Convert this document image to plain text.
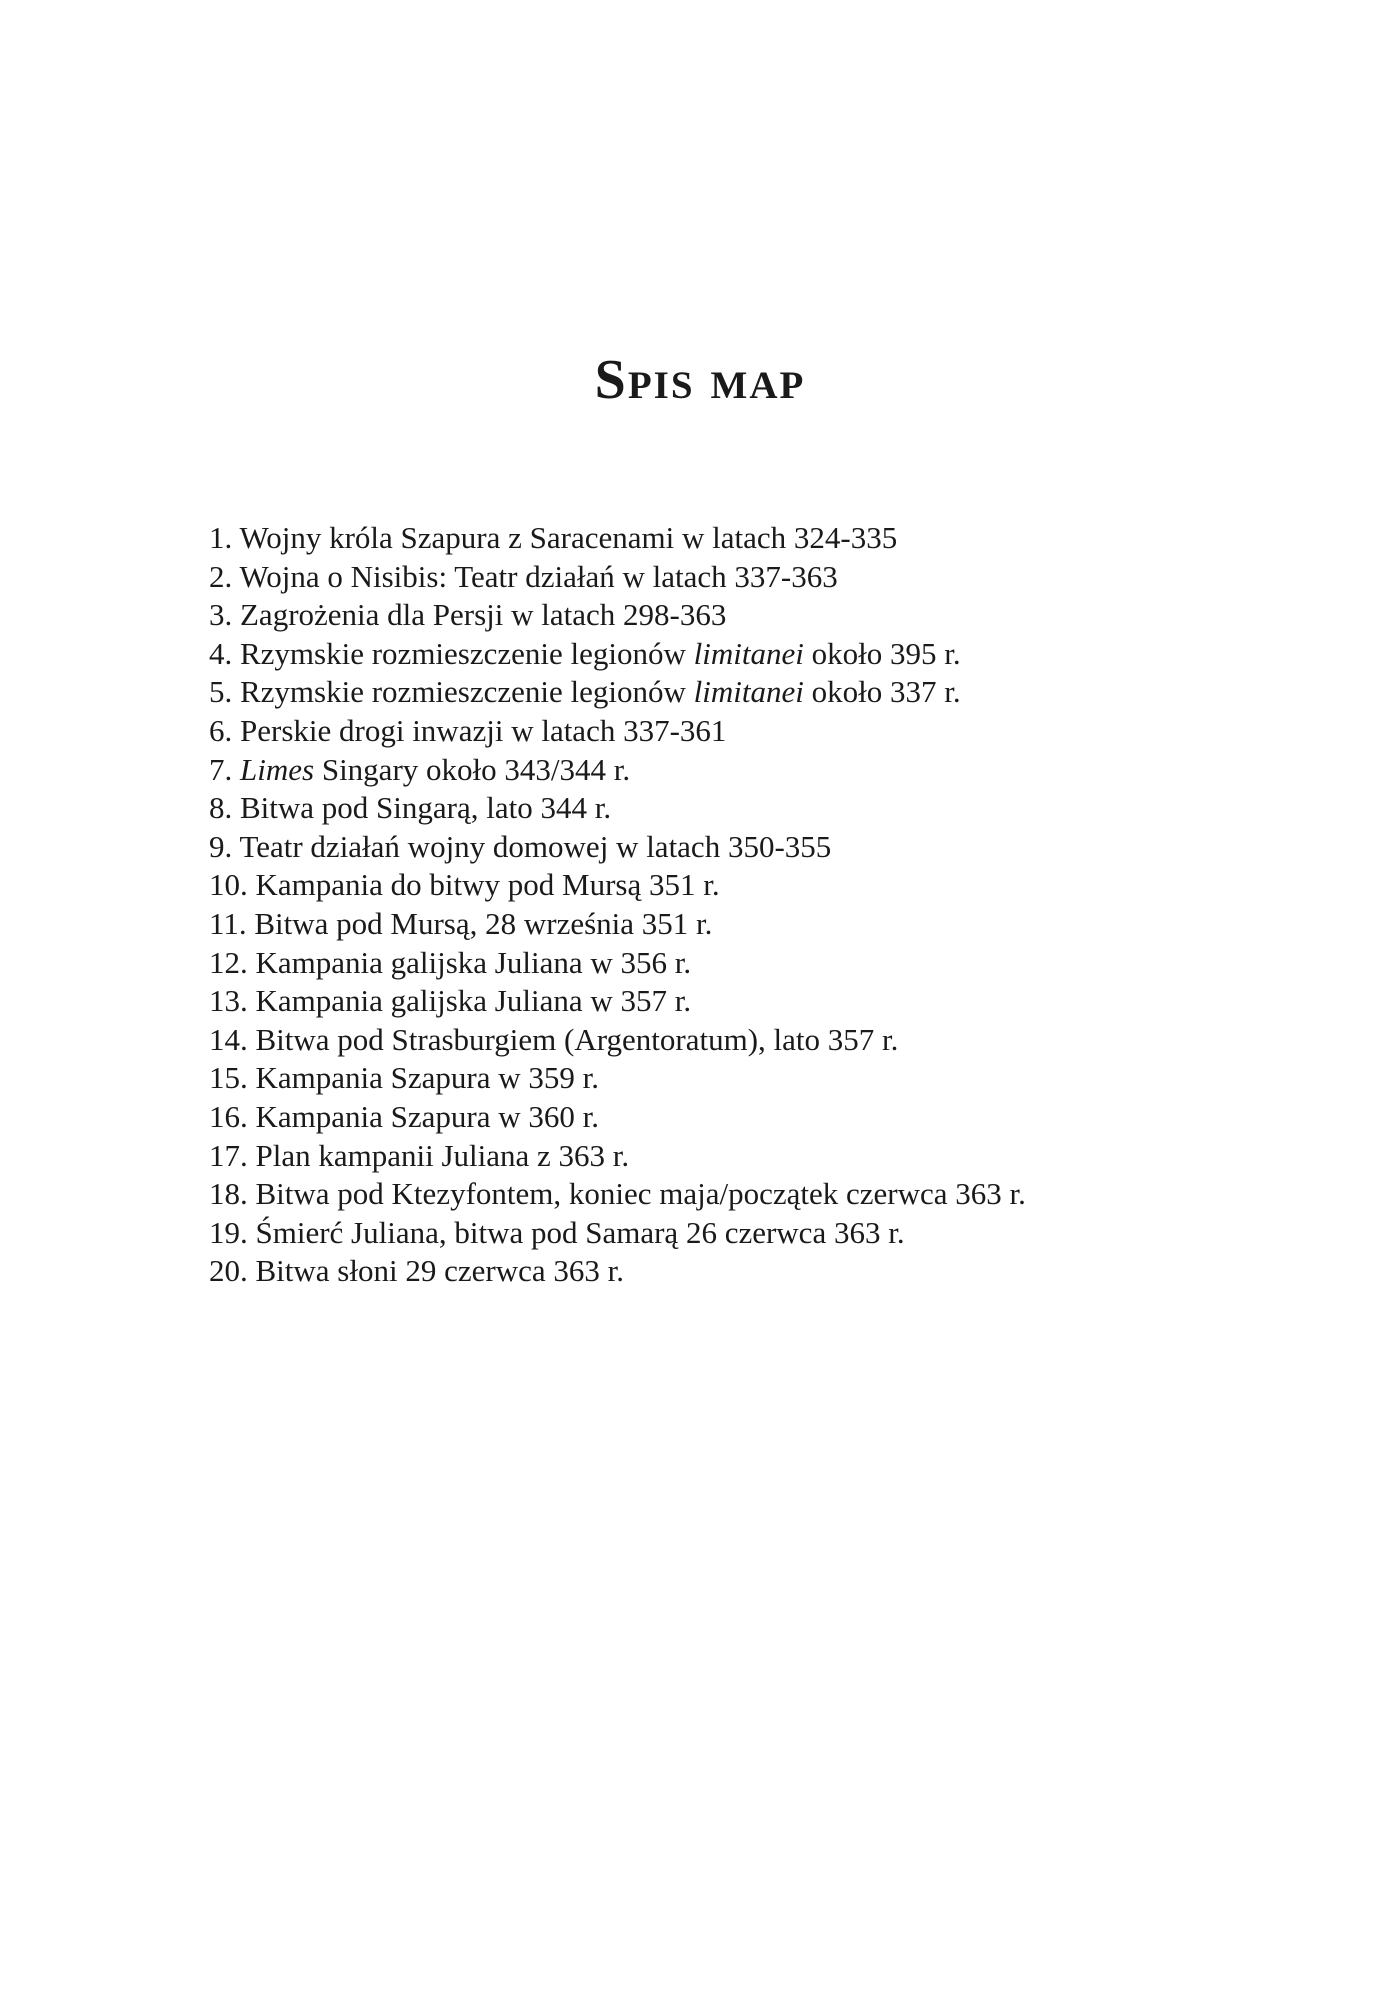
Spis map
1. Wojny króla Szapura z Saracenami w latach 324-335
2. Wojna o Nisibis: Teatr działań w latach 337-363
3. Zagrożenia dla Persji w latach 298-363
4. Rzymskie rozmieszczenie legionów limitanei około 395 r.
5. Rzymskie rozmieszczenie legionów limitanei około 337 r.
6. Perskie drogi inwazji w latach 337-361
7. Limes Singary około 343/344 r.
8. Bitwa pod Singarą, lato 344 r.
9. Teatr działań wojny domowej w latach 350-355
10. Kampania do bitwy pod Mursą 351 r.
11. Bitwa pod Mursą, 28 września 351 r.
12. Kampania galijska Juliana w 356 r.
13. Kampania galijska Juliana w 357 r.
14. Bitwa pod Strasburgiem (Argentoratum), lato 357 r.
15. Kampania Szapura w 359 r.
16. Kampania Szapura w 360 r.
17. Plan kampanii Juliana z 363 r.
18. Bitwa pod Ktezyfontem, koniec maja/początek czerwca 363 r.
19. Śmierć Juliana, bitwa pod Samarą 26 czerwca 363 r.
20. Bitwa słoni 29 czerwca 363 r.
